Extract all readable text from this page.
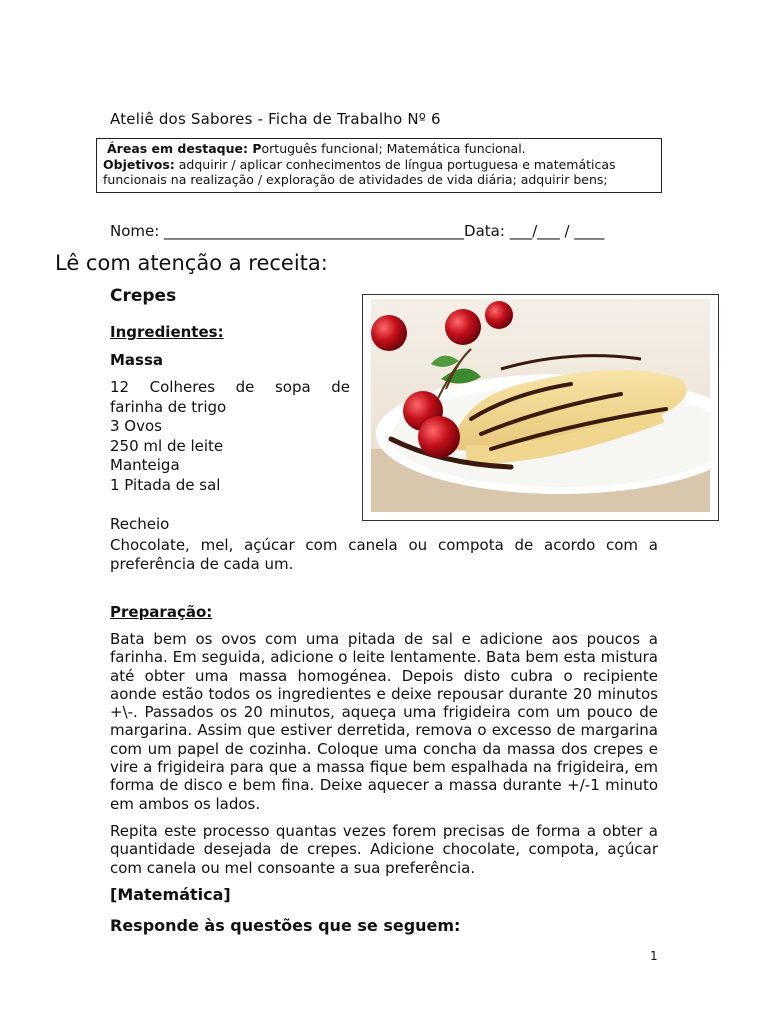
Ateliê dos Sabores - Ficha de Trabalho Nº 6
Áreas em destaque: Português funcional; Matemática funcional.
Objetivos: adquirir / aplicar conhecimentos de língua portuguesa e matemáticas funcionais na realização / exploração de atividades de vida diária; adquirir bens;
Nome: ________________________________________Data: ___/___ / ____
Lê com atenção a receita:
Crepes
Ingredientes:
Massa
12 Colheres de sopa de
farinha de trigo
3 Ovos
250 ml de leite
Manteiga
1 Pitada de sal
Recheio
Chocolate, mel, açúcar com canela ou compota de acordo com a preferência de cada um.
Preparação:
Bata bem os ovos com uma pitada de sal e adicione aos poucos a farinha. Em seguida, adicione o leite lentamente. Bata bem esta mistura até obter uma massa homogénea. Depois disto cubra o recipiente aonde estão todos os ingredientes e deixe repousar durante 20 minutos +\-. Passados os 20 minutos, aqueça uma frigideira com um pouco de margarina. Assim que estiver derretida, remova o excesso de margarina com um papel de cozinha. Coloque uma concha da massa dos crepes e vire a frigideira para que a massa fique bem espalhada na frigideira, em forma de disco e bem fina. Deixe aquecer a massa durante +/-1 minuto em ambos os lados.
Repita este processo quantas vezes forem precisas de forma a obter a quantidade desejada de crepes. Adicione chocolate, compota, açúcar com canela ou mel consoante a sua preferência.
[Matemática]
Responde às questões que se seguem:
1
